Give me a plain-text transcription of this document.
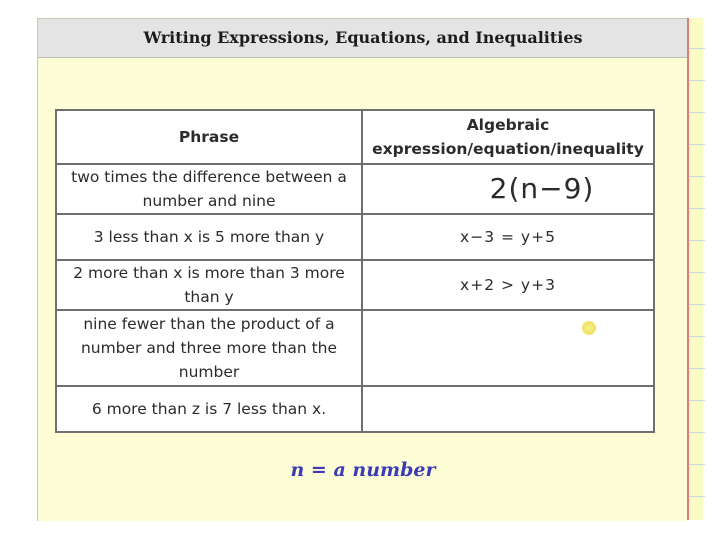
Writing Expressions, Equations, and Inequalities
Phrase	Algebraic expression/equation/inequality
two times the difference between a number and nine	2(n−9)
3 less than x is 5 more than y	x−3 = y+5
2 more than x is more than 3 more than y	x+2 > y+3
nine fewer than the product of a number and three more than the number	
6 more than z is 7 less than x.	
n = a number
